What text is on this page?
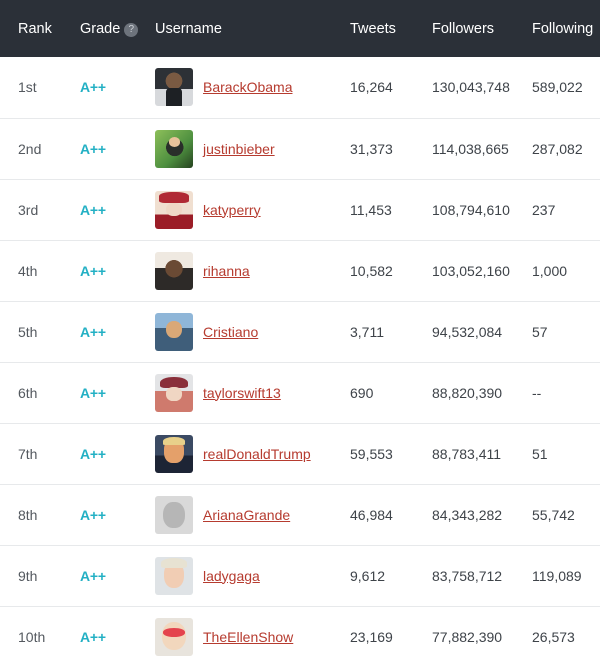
Rank	Grade ?	Username	Tweets	Followers	Following
1st	A++	BarackObama	16,264	130,043,748	589,022
2nd	A++	justinbieber	31,373	114,038,665	287,082
3rd	A++	katyperry	11,453	108,794,610	237
4th	A++	rihanna	10,582	103,052,160	1,000
5th	A++	Cristiano	3,711	94,532,084	57
6th	A++	taylorswift13	690	88,820,390	--
7th	A++	realDonaldTrump	59,553	88,783,411	51
8th	A++	ArianaGrande	46,984	84,343,282	55,742
9th	A++	ladygaga	9,612	83,758,712	119,089
10th	A++	TheEllenShow	23,169	77,882,390	26,573
